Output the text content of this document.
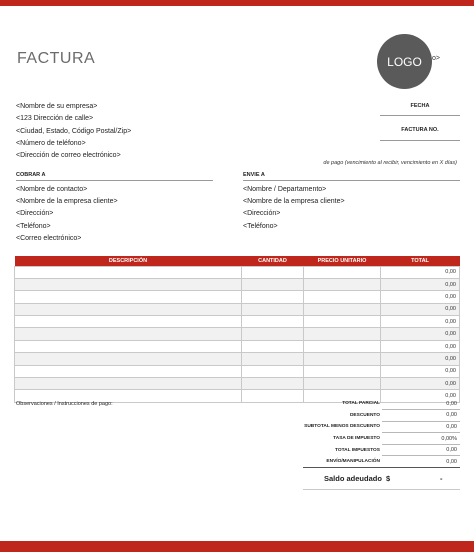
FACTURA	LOGO o>
<Nombre de su empresa>
<123 Dirección de calle>
<Ciudad, Estado, Código Postal/Zip>
<Número de teléfono>
<Dirección de correo electrónico>
FECHA
FACTURA NO.
de pago (vencimiento al recibir, vencimiento en X días)
COBRAR A
<Nombre de contacto>
<Nombre de la empresa cliente>
<Dirección>
<Teléfono>
<Correo electrónico>
ENVIE A
<Nombre / Departamento>
<Nombre de la empresa cliente>
<Dirección>
<Teléfono>
DESCRIPCIÓN	CANTIDAD	PRECIO UNITARIO	TOTAL
			0,00
			0,00
			0,00
			0,00
			0,00
			0,00
			0,00
			0,00
			0,00
			0,00
			0,00
Observaciones / Instrucciones de pago:	TOTAL PARCIAL	0,00
DESCUENTO	0,00
SUBTOTAL MENOS DESCUENTO	0,00
TASA DE IMPUESTO	0,00%
TOTAL IMPUESTOS	0,00
ENVÍO/MANIPULACIÓN	0,00
Saldo adeudado $	-
